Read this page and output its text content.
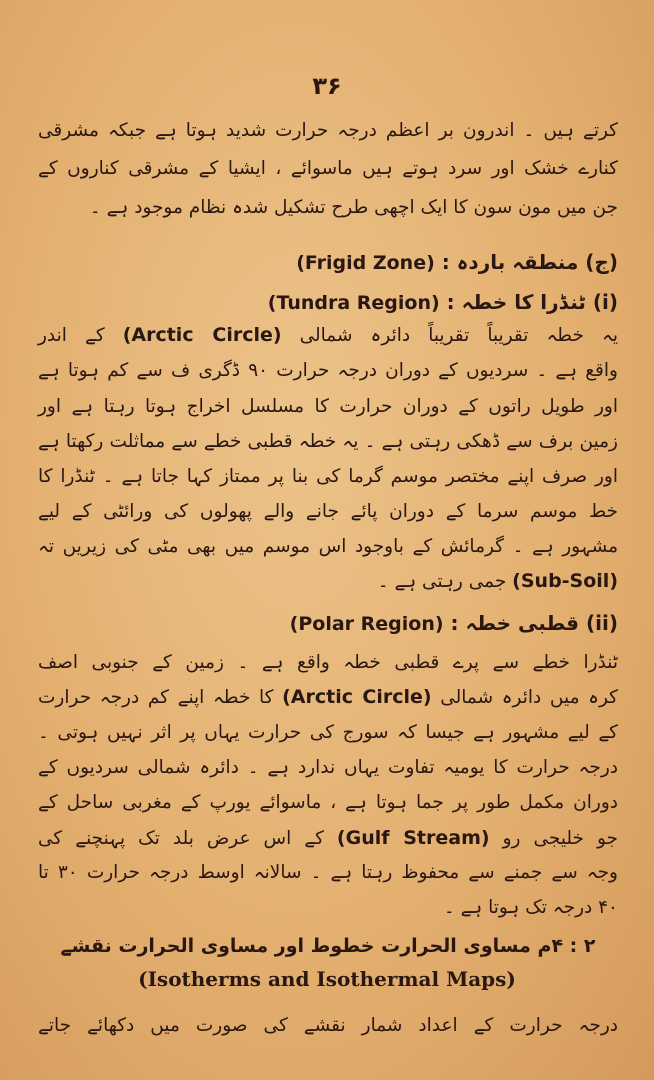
۳۶
کرتے ہیں ۔ اندرون بر اعظم درجہ حرارت شدید ہوتا ہے جبکہ مشرقی
کنارے خشک اور سرد ہوتے ہیں ماسوائے ، ایشیا کے مشرقی کناروں کے
جن میں مون سون کا ایک اچھی طرح تشکیل شدہ نظام موجود ہے ۔
(ج) منطقہ باردہ : (Frigid Zone)
(i) ٹنڈرا کا خطہ : (Tundra Region)
یہ خطہ تقریباً تقریباً دائرہ شمالی (Arctic Circle) کے اندر
واقع ہے ۔ سردیوں کے دوران درجہ حرارت ۹۰ ڈگری ف سے کم ہوتا ہے
اور طویل راتوں کے دوران حرارت کا مسلسل اخراج ہوتا رہتا ہے اور
زمین برف سے ڈھکی رہتی ہے ۔ یہ خطہ قطبی خطے سے مماثلت رکھتا ہے
اور صرف اپنے مختصر موسم گرما کی بنا پر ممتاز کہا جاتا ہے ۔ ٹنڈرا کا
خط موسم سرما کے دوران پائے جانے والے پھولوں کی ورائٹی کے لیے
مشہور ہے ۔ گرمائش کے باوجود اس موسم میں بھی مٹی کی زیریں تہ
(Sub-Soil) جمی رہتی ہے ۔
(ii) قطبی خطہ : (Polar Region)
ٹنڈرا خطے سے پرے قطبی خطہ واقع ہے ۔ زمین کے جنوبی اصف
کرہ میں دائرہ شمالی (Arctic Circle) کا خطہ اپنے کم درجہ حرارت
کے لیے مشہور ہے جیسا کہ سورج کی حرارت یہاں پر اثر نہیں ہوتی ۔
درجہ حرارت کا یومیہ تفاوت یہاں ندارد ہے ۔ دائرہ شمالی سردیوں کے
دوران مکمل طور پر جما ہوتا ہے ، ماسوائے یورپ کے مغربی ساحل کے
جو خلیجی رو (Gulf Stream) کے اس عرض بلد تک پہنچنے کی
وجہ سے جمنے سے محفوظ رہتا ہے ۔ سالانہ اوسط درجہ حرارت ۳۰ تا
۴۰ درجہ تک ہوتا ہے ۔
۲ : ۴م مساوی الحرارت خطوط اور مساوی الحرارت نقشے
(Isotherms and Isothermal Maps)
درجہ حرارت کے اعداد شمار نقشے کی صورت میں دکھائے جاتے
